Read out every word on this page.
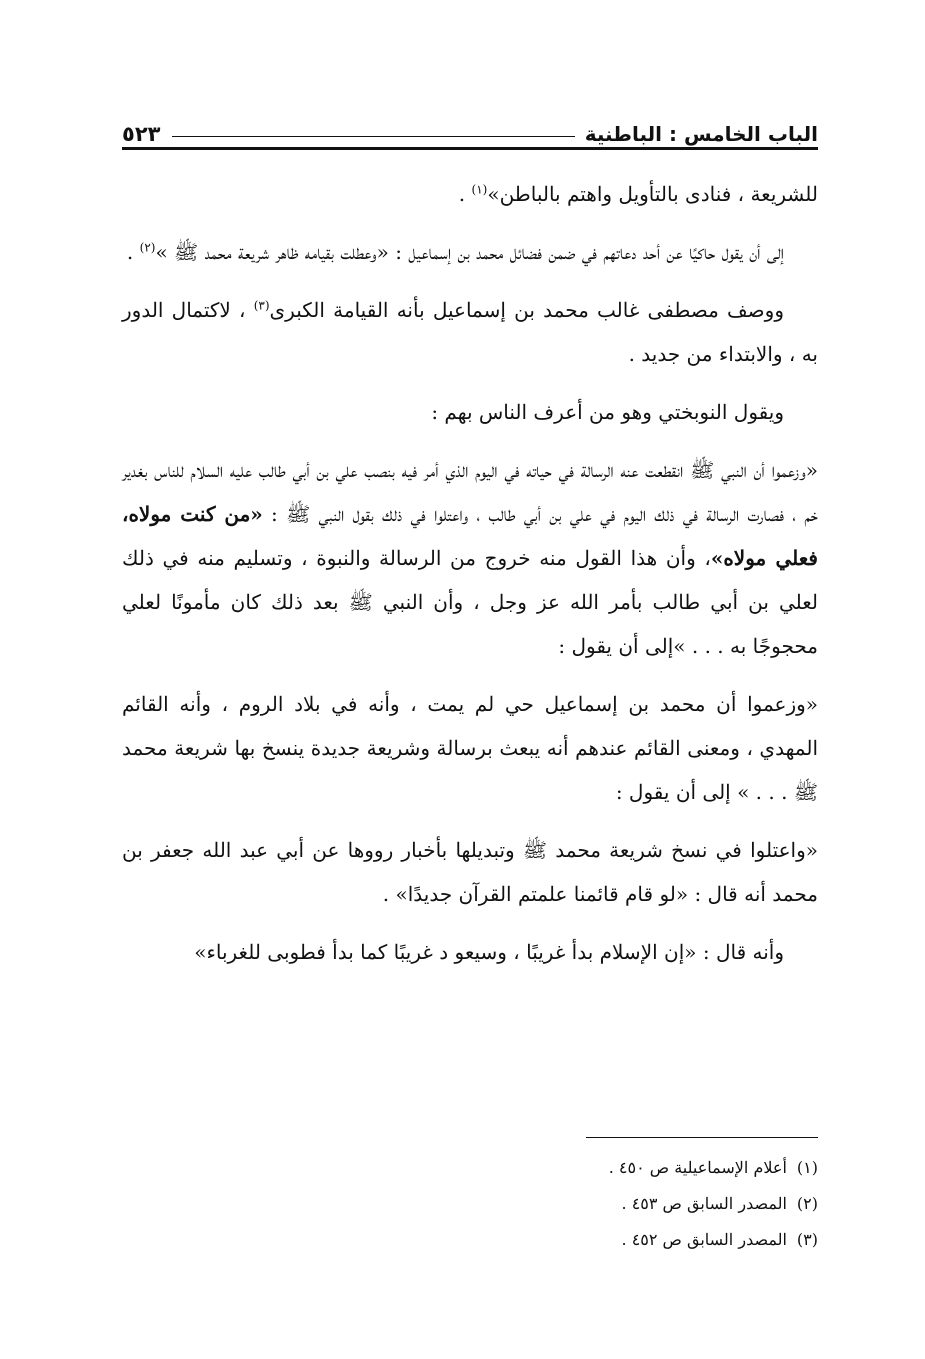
الباب الخامس : الباطنية
٥٢٣

للشريعة ، فنادى بالتأويل واهتم بالباطن»$^{(١)}$ .

إلى أن يقول حاكيًا عن أحد دعاتهم في ضمن فضائل محمد بن إسماعيل : «وعطلت بقيامه ظاهر شريعة محمد ﷺ »$^{(٢)}$ .

ووصف مصطفى غالب محمد بن إسماعيل بأنه القيامة الكبرى$^{(٣)}$ ، لاكتمال الدور به ، والابتداء من جديد .

ويقول النوبختي وهو من أعرف الناس بهم :

«وزعموا أن النبي ﷺ انقطعت عنه الرسالة في حياته في اليوم الذي أمر فيه بنصب علي بن أبي طالب عليه السلام للناس بغدير خم ، فصارت الرسالة في ذلك اليوم في علي بن أبي طالب ، واعتلوا في ذلك بقول النبي ﷺ : «من كنت مولاه، فعلي مولاه»، وأن هذا القول منه خروج من الرسالة والنبوة ، وتسليم منه في ذلك لعلي بن أبي طالب بأمر الله عز وجل ، وأن النبي ﷺ بعد ذلك كان مأمونًا لعلي محجوجًا به . . . »إلى أن يقول :

«وزعموا أن محمد بن إسماعيل حي لم يمت ، وأنه في بلاد الروم ، وأنه القائم المهدي ، ومعنى القائم عندهم أنه يبعث برسالة وشريعة جديدة ينسخ بها شريعة محمد ﷺ . . . » إلى أن يقول :

«واعتلوا في نسخ شريعة محمد ﷺ وتبديلها بأخبار رووها عن أبي عبد الله جعفر بن محمد أنه قال : «لو قام قائمنا علمتم القرآن جديدًا» .

وأنه قال : «إن الإسلام بدأ غريبًا ، وسيعو د غريبًا كما بدأ فطوبى للغرباء»

(١)أعلام الإسماعيلية ص ٤٥٠ .
(٢)المصدر السابق ص ٤٥٣ .
(٣)المصدر السابق ص ٤٥٢ .
